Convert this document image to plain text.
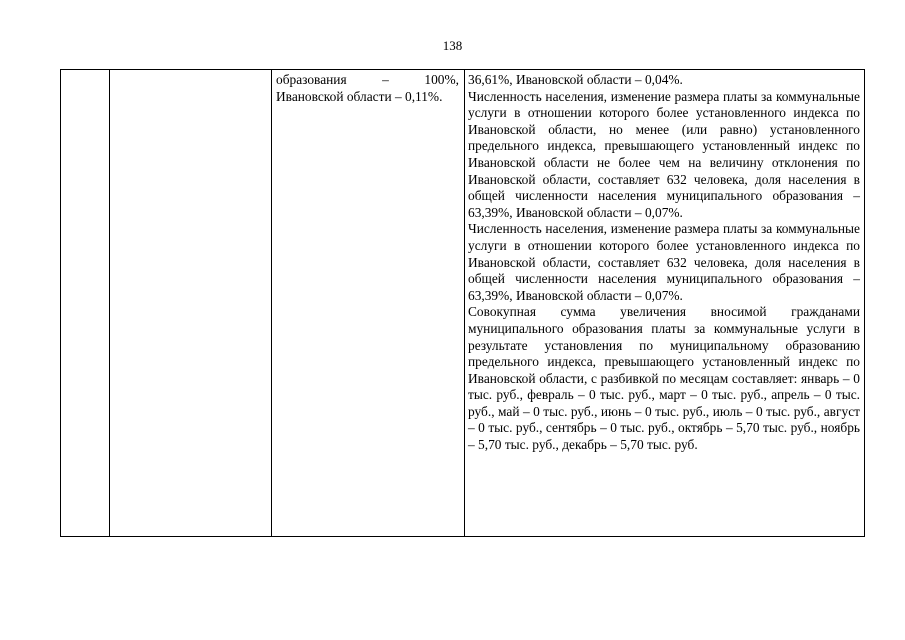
138

образования – 100%, Ивановской области – 0,11%.

36,61%, Ивановской области – 0,04%.

Численность населения, изменение размера платы за коммунальные услуги в отношении которого более установленного индекса по Ивановской области, но менее (или равно) установленного предельного индекса, превышающего установленный индекс по Ивановской области не более чем на величину отклонения по Ивановской области, составляет 632 человека, доля населения в общей численности населения муниципального образования – 63,39%, Ивановской области – 0,07%.

Численность населения, изменение размера платы за коммунальные услуги в отношении которого более установленного индекса по Ивановской области, составляет 632 человека, доля населения в общей численности населения муниципального образования – 63,39%, Ивановской области – 0,07%.

Совокупная сумма увеличения вносимой гражданами муниципального образования платы за коммунальные услуги в результате установления по муниципальному образованию предельного индекса, превышающего установленный индекс по Ивановской области, с разбивкой по месяцам составляет: январь – 0 тыс. руб., февраль – 0 тыс. руб., март – 0 тыс. руб., апрель – 0 тыс. руб., май – 0 тыс. руб., июнь – 0 тыс. руб., июль – 0 тыс. руб., август – 0 тыс. руб., сентябрь – 0 тыс. руб., октябрь – 5,70 тыс. руб., ноябрь – 5,70 тыс. руб., декабрь – 5,70 тыс. руб.
